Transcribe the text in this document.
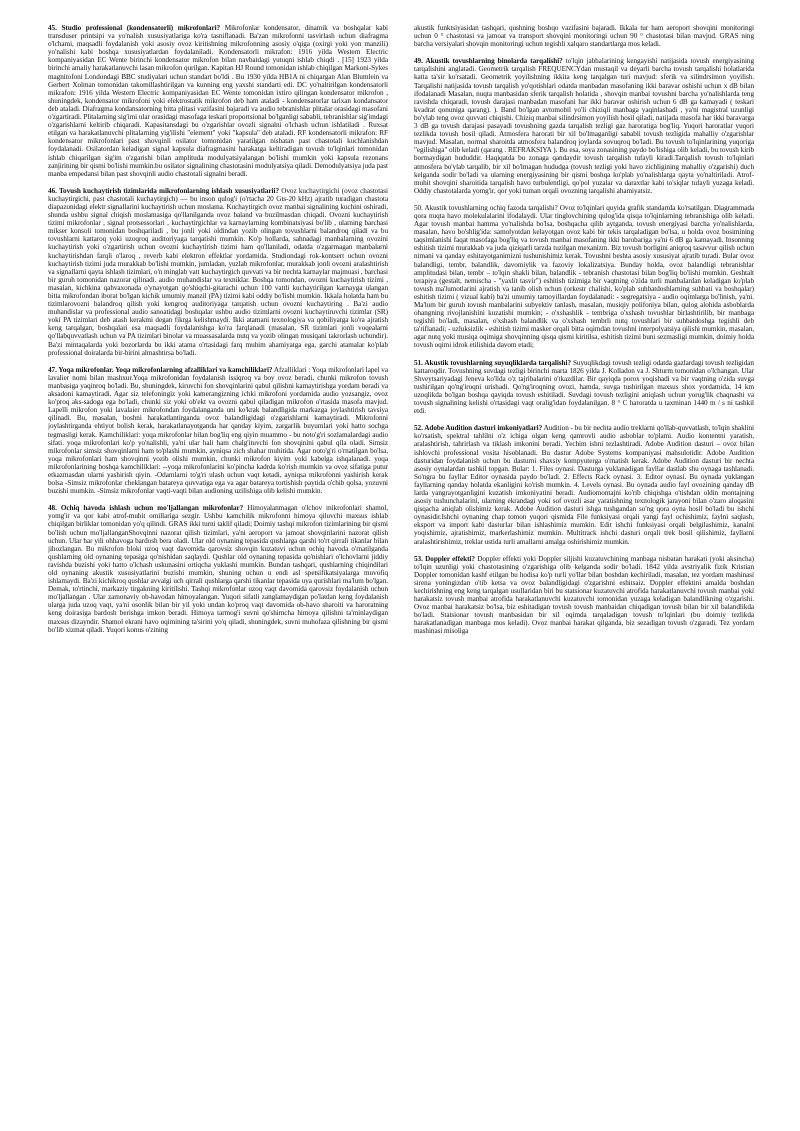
45. Studio professional (kondensatorli) mikrofonlari? Mikrofonlar kondensator, dinamik va boshqalar kabi transduser printsipi va yo'nalish xususiyatlariga ko'ra tasniflanadi. Ba'zan mikrofonni tasvirlash uchun diafragma o'lchami, maqsadli foydalanish yoki asosiy ovoz kiritishning mikrofonning asosiy o'qiga (oxirgi yoki yon manzili) yo'nalishi kabi boshqa xususiyatlardan foydalaniladi. Kondensatorli mikrafon: 1916 yilda Western Electric kompaniyasidan EC Wente birinchi kondensator mikrofon bilan navbatdagi yutuqni ishlab chiqdi . [15] 1923 yilda birinchi amaliy harakatlanuvchi lasan mikrofon qurilgan. Kapitan HJ Round tomonidan ishlab chiqilgan Markoni-Sykes magnitofoni Londondagi BBC studiyalari uchun standart bo'ldi . Bu 1930 yilda HB1A ni chiqargan Alan Blumlein va Gerbert Xolman tomonidan takomillashtirilgan va kunning eng yaxshi standarti edi. DC yo'naltirilgan kondensatorli mikrafon: 1916 yilda Western Electric kompaniyasidan EC Wente tomonidan ixtiro qilingan kondensator mikrofon , shuningdek, kondensator mikrofoni yoki elektrostatik mikrofon deb ham ataladi - kondensatorlar tarixan kondansator deb ataladi. Diafragma kondansatorning bitta plitasi vazifasini bajaradi va audio tebranishlar plitalar orasidagi masofani o'zgartiradi. Plitalarning sig'imi ular orasidagi masofaga teskari proportsional bo'lganligi sababli, tebranishlar sig'imdagi o'zgarishlarni keltirib chiqaradi. Kapasitansdagi bu o'zgarishlar ovozli signalni o'lchash uchun ishlatiladi . Ruxsat etilgan va harakatlanuvchi plitalarning yig'ilishi "element" yoki "kapsula" deb ataladi. RF kondensatorli mikrafon: RF kondensator mikrofonlari past shovqinli osilator tomonidan yaratilgan nisbatan past chastotali kuchlanishdan foydalanadi. Osilatordan keladigan signal kapsula diafragmasini harakatga keltiradigan tovush to'lqinlari tomonidan ishlab chiqarilgan sig'im o'zgarishi bilan amplituda modulyatsiyalangan bo'lishi mumkin yoki kapsula rezonans zanjirining bir qismi bo'lishi mumkin.bu osilator signalining chastotasini modulyatsiya qiladi. Demodulyatsiya juda past manba empedansi bilan past shovqinli audio chastotali signalni beradi.

46. Tovush kuchaytirish tizimlarida mikrofonlarning ishlash xususiyatlarii? Ovoz kuchaytirgichi (ovoz chastotasi kuchaytirgichi, past chastotali kuchaytirgich) — bu inson qulog'i (o'rtacha 20 Gts-20 kHz) ajratib turadigan chastota diapazonidagi elektr signallarini kuchaytirish uchun moslama. Kuchaytirgich ovoz manbai signalining kuchini oshiradi, shunda ushbu signal chiqish moslamasiga qo'llanilganda ovoz baland va buzilmasdan chiqadi. Ovozni kuchaytirish tizimi mikrofonlar , signal protsessorlari , kuchaytirgichlar va karnaylarning kombinatsiyasi bo'lib , ularning barchasi mikser konsoli tomonidan boshqariladi , bu jonli yoki oldindan yozib olingan tovushlarni balandroq qiladi va bu tovushlarni kattaroq yoki uzoqroq auditoriyaga tarqatishi mumkin. Ko'p hollarda, sahnadagi manbalarning ovozini kuchaytirish yoki o'zgartirish uchun ovozni kuchaytirish tizimi ham qo'llaniladi, odatda o'zgarmagan manbalarni kuchaytirishdan farqli o'laroq , reverb kabi elektron effektlar yordamida. Studiondagi rok-kontsert uchun ovozni kuchaytirish tizimi juda murakkab bo'lishi mumkin, jumladan, yuzlab mikrofonlar, murakkab jonli ovozni aralashtirish va signallarni qayta ishlash tizimlari, o'n minglab vatt kuchaytirgich quvvati va bir nechta karnaylar majmuasi , barchasi bir guruh tomonidan nazorat qilinadi. audio muhandislar va texniklar. Boshqa tomondan, ovozni kuchaytirish tizimi , masalan, kichkina qahvaxonada o'ynayotgan qo'shiqchi-gitarachi uchun 100 vattli kuchaytirilgan karnayga ulangan bitta mikrofondan iborat bo'lgan kichik umumiy manzil (PA) tizimi kabi oddiy bo'lishi mumkin. Ikkala holatda ham bu tizimlarovozni balandroq qilish yoki kengroq auditoriyaga tarqatish uchun ovozni kuchaytiring . Ba'zi audio muhandislar va professional audio sanoatidagi boshqalar ushbu audio tizimlarni ovozni kuchaytiruvchi tizimlar (SR) yoki PA tizimlari deb atash kerakmi degan fikrga kelishmaydi. Ikki atamani texnologiya va qobiliyatga ko'ra ajratish keng tarqalgan, boshqalari esa maqsadli foydalanishga ko'ra farqlanadi (masalan, SR tizimlari jonli voqealarni qo'llabquvvatlash uchun va PA tizimlari binolar va muassasalarda nutq va yozib olingan musiqani takrorlash uchundir). Ba'zi mintaqalarda yoki bozorlarda bu ikki atama o'rtasidagi farq muhim ahamiyatga ega, garchi atamalar ko'plab professional doiralarda bir-birini almashtirsa bo'ladi.

47. Yoqa mikrofonlar. Yoqa mikrofonlarning afzalliklari va kamchiliklari? Afzalliklari : Yoqa mikrofonlari lapel va lavalier nomi bilan mashxur.Yoqa mikrofonidan foydalanish issiqroq va boy ovoz beradi, chunki mikrofon tovush manbasiga yaqinroq bo'ladi. Bu, shuningdek, kiruvchi fon shovqinlarini qabul qilishni kamaytirishga yordam beradi va aksadoni kamaytiradi. Agar siz telefoningiz yoki kamerangizning ichki mikrofoni yordamida audio yozsangiz, ovoz ko'proq aks-sadoga ega bo'ladi, chunki siz yoki ob'ekt va ovozni qabul qiladigan mikrofon o'rtasida masofa mavjud. Lapelli mikrofon yoki lavalaier mikrofondan foydalanganda uni ko'krak balandligida markazga joylashtirish tavsiya qilinadi. Bu, masalan, boshni harakatlantirganda ovoz balandligidagi o'zgarishlarni kamaytiradi. Mikrofonni joylashtirganda ehtiyot bolish kerak, harakatlanayotganda har qanday kiyim, zargarlik buyumlari yoki hatto sochga tegmasligi kerak. Kamchiliklari: yoqa mikrofonlar bilan bog'liq eng qiyin muammo - bu noto'g'ri sozlamalardagi audio sifati. yoqa mikrofonlari ko'p yo'nalishli, ya'ni ular hali ham chalg'ituvchi fon shovqinini qabul qila oladi. Simsiz mikrofonlar simsiz shovqinlarni ham to'plashi mumkin, ayniqsa zich shahar muhitida. Agar noto'g'ri o'rnatilgan bo'lsa, yoqa mikrofonlari ham shovqinni yozib olishi mumkin, chunki mikrofon kiyim yoki kabelga ishqalanadi. yoqa mikrofonlarining boshqa kamchiliklari: --yoqa mikrofonlarini ko'pincha kadrda ko'rish mumkin va ovoz sifatiga putur etkazmasdan ularni yashirish qiyin. -Odamlarni to'g'ri ulash uchun vaqt ketadi, ayniqsa mikrofonni yashirish kerak bolsa -Simsiz mikrofonlar cheklangan batareya quvvatiga ega va agar batareya tortishish paytida o'chib qolsa, yozuvni buzishi mumkin. -Simsiz mikrofonlar vaqti-vaqti bilan audioning uzilishiga olib kelishi mumkin.

48. Ochiq havoda ishlash uchun mo'ljallangan mikrofonlar? Himoyalanmagan o'lchov mikrofonlari shamol, yomg'ir va qor kabi atrof-muhit omillariga sezgir. Ushbu kamchilik mikrofonni himoya qiluvchi maxsus ishlab chiqilgan birliklar tomonidan yo'q qilindi. GRAS ikki turni taklif qiladi; Doimiy tashqi mikrofon tizimlarining bir qismi bo'lish uchun mo'ljallanganShovqinni nazorat qilish tizimlari, ya'ni aeroport va jamoat shovqinlarini nazorat qilish uchun. Ular har yili ohhavoga bardosh bera oladi. Ular old oynaning tepasida qushlarga qarshi to'rt qirrali tikanlar bilan jihozlangan. Bu mikrofon bloki uzoq vaqt davomida qarovsiz shovqin kuzatuvi uchun ochiq havoda o'rnatilganda qushlarning old oynaning tepasiga qo'nishidan saqlaydi. Qushlar old oynaning tepasida qo'nishlari o'lchovlarni jiddiy ravishda buzishi yoki hatto o'lchash uskunasini ortiqcha yuklashi mumkin. Bundan tashqari, qushlarning chiqindilari old oynaning akustik xususiyatlarini buzishi mumkin, shuning uchun u endi asl spetsifikatsiyalarga muvofiq ishlamaydi. Ba'zi kichikroq qushlar avvalgi uch qirrali qushlarga qarshi tikanlar tepasida uya qurishlari ma'lum bo'lgan. Demak, to'rtinchi, markaziy tirgakning kiritilishi. Tashqi mikrofonlar uzoq vaqt davomida qarovsiz foydalanish uchun mo'ljallangan . Ular zamonaviy ob-havodan himoyalangan. Yuqori sifatli zanglamaydigan po'latdan keng foydalanish ularga juda uzoq vaqt, ya'ni osonlik bilan bir yil yoki undan ko'proq vaqt davomida ob-havo sharoiti va haroratning keng doirasiga bardosh berishga imkon beradi. Himoya tarmog'i suvni qo'shimcha himoya qilishni ta'minlaydigan maxsus dizayndir. Shamol ekrani havo oqimining ta'sirini yo'q qiladi, shuningdek, suvni muhofaza qilishning bir qismi bo'lib xizmat qiladi. Yuqori konus o'zining

akustik funktsiyasidan tashqari, qushning boshqo vazifasini bajaradi. Ikkala tur ham aeroport shovqini monitoringi uchun 0 ° chastotasi va jamoat va transport shovqini monitoringi uchun 90 ° chastotasi bilan mavjud. GRAS ning barcha versiyalari shovqin monitoringi uchun tegishli xalqaro standartlarga mos keladi.

49. Akustik tovushlarning binolarda tarqalishi? to'lqin jabhalarining kengayishi natijasida tovush energiyasining tarqalishini anglatadi. Geometrik tarqalish FREQUENCYdan mustaqil va deyarli barcha tovush tarqalishi holatlarida katta ta'sir ko'rsatadi. Geometrik yoyilishning ikkita keng tarqalgan turi mavjud: sferik va silindrsimon yoyilish. Tarqalishi natijasida tovush tarqalish yo'qotishlari odatda manbadan masofaning ikki baravar oshishi uchun x dB bilan ifodalanadi Masalan, nuqta manbasidan sferik tarqalish holatida , shovqin manbai tovushni barcha yo'nalishlarda teng ravishda chiqaradi, tovush darajasi manbadan masofani har ikki baravar oshirish uchun 6 dB ga kamayadi ( teskari kvadrat qonuniga qarang). ). Band bo'lgan avtomobil yo'li chiziqli manbaga yaqinlashadi , ya'ni magistral uzunligi bo'ylab teng ovoz quvvati chiqishi. Chiziq manbai silindrsimon yoyilish hosil qiladi, natijada masofa har ikki baravarga 3 dB ga tovush darajasi pasayadi tovushning gazda tarqalish tezligi gaz haroratiga bog'liq. Yuqori haroratlar yuqori tezlikda tovush hosil qiladi. Atmosfera harorati bir xil bo'lmaganligi sababli tovush tezligida mahalliy o'zgarishlar mavjud. Masalan, normal sharoitda atmosfera balandroq joylarda sovuqroq bo'ladi. Bu tovush to'lqinlarining yuqoriga "egilishiga" olib keladi (qarang . REFRAKSIYA ). Bu esa, soya zonasining paydo bo'lishiga olib keladi, bu tovush kirib bormaydigan hududdir. Haqiqatda bu zonaga qandaydir tovush tarqalish tufayli kiradi.Tarqalish tovush to'lqinlari atmosfera bo'ylab tarqalib, bir xil bo'lmagan hududga (tovush tezligi yoki havo zichligining mahalliy o'zgarishi) duch kelganda sodir bo'ladi va ularning energiyasining bir qismi boshqa ko'plab yo'nalishlarga qayta yo'naltiriladi. Atrof-muhit shovqini sharoitida tarqalish havo turbulentligi, qo'pol yuzalar va daraxtlar kabi to'siqlar tufayli yuzaga keladi. Oddiy chastotalarda yomg'ir, qor yoki tuman orqali ovozning tarqalishi ahamiyatsiz.

50. Akustik tovushlarning ochiq fazoda tarqalishi? Ovoz to'lqinlari quyida grafik standartda ko'rsatilgan. Diagrammada qora nuqta havo molekulalarini ifodalaydi. Ular tinglovchining qulog'ida qisqa to'lqinlarning tebranishiga olib keladi. Agar tovush manbai hamma yo'nalishda bo'lsa, boshqacha qilib aytganda, tovush energiyasi barcha yo'nalishlarda, masalan, havo bo'shlig'ida: samolyotdan kelayotgan ovoz kabi bir tekis tarqaladigan bo'lsa, u holda ovoz bosimining taqsimlanishi faqat masofaga bog'liq va tovush manbai masofaning ikki barobariga ya'ni 6 dB ga kamayadi. Insonning eshitish tizimi murakkab va juda qiziqarli tarzda tuzilgan mexanizm. Biz tovush borligini aniqroq tasavvur qilish uchun nimani va qanday eshitayotganimizni tushunishimiz kerak. Tovushni beshta asosiy xususiyat ajratib turadi. Bular ovoz balandligi, tembr, balandlik, davomiylik va fazoviy lokalizatsiya. Bunday holda, ovoz balandligi tebranishlar amplitudasi bilan, tembr – to'lqin shakli bilan, balandlik - tebranish chastotasi bilan bog'liq bo'lishi mumkin. Geshtalt terapiya (gestalt, nemischa - "yaxlit tasvir") eshitish tizimiga bir vaqtning o'zida turli manbalardan keladigan ko'plab tovush ma'lumotlarini ajratish va tanib olish uchun (orkestr chalishi, ko'plab suhbatdoshlarning suhbati va boshqalar) eshitish tizimi ( vizual kabi) ba'zi umumiy tamoyillardan foydalanadi: - segregatsiya - audio oqimlarga bo'linish, ya'ni. Ma'lum bir guruh tovush manbalarini subyektiv tanlash, masalan, musiqiy polifoniya bilan, qulog alohida asboblarda ohangning rivojlanishini kuzatishi mumkin; - o'xshashlik - tembriga o'xshash tovushlar birlashtirilib, bir manbaga tegishli bo'ladi, masalan, o'xshash balandlik va o'xshash tembrli nutq tovushlari bir suhbatdoshga tegishli deb ta'riflanadi; - uzluksizlik - eshitish tizimi masker orqali bitta oqimdan tovushni interpolyatsiya qilishi mumkin, masalan, agar nutq yoki musiqa oqimiga shovqinning qisqa qismi kiritilsa, eshitish tizimi buni sezmasligi mumkin, doimiy holda tovush oqimi idrok etilishida davom etadi;

51. Akustik tovushlarning suyuqliklarda tarqalishi? Suyuqlikdagi tovush tezligi odatda gazlardagi tovush tezligidan kattaroqdir. Tovushning suvdagi tezligi birinchi marta 1826 yilda J. Kolladon va J. Shturm tomonidan o'lchangan. Ular Shveytsariyadagi Jeneva ko'lida o'z tajribalarini o'tkazdilar. Bir qayiqda porox yoqishadi va bir vaqtning o'zida suvga tushirilgan qo'ng'iroqni urishadi. Qo'ng'iroqning ovozi, hamda, suvga tushirilgan maxsus shox yordamida, 14 km uzoqlikda bo'lgan boshqa qayiqda tovush eshitiladi. Suvdagi tovush tezligini aniqlash uchun yorug'lik chaqnashi va tovush signalining kelishi o'rtasidagi vaqt oralig'idan foydalanilgan. 8 ° C haroratda u taxminan 1440 m / s ni tashkil etdi.

52. Adobe Audition dasturi imkoniyatlari? Audition - bu bir nechta audio treklarni qo'llab-quvvatlash, to'lqin shaklini ko'rsatish, spektral tahlilni o'z ichiga olgan keng qamrovli audio asboblar to'plami. Audio kontentni yaratish, aralashtirish, tahrirlash va tiklash imkonini beradi. Yechim ishni tezlashtiradi. Adobe Audition dasturi – ovoz bilan ishlovchi professional vosita hisoblanadi. Bu dastur Adobe Systems kompaniyasi mahsulotidir. Adobe Audition dasturidan foydalanish uchun bu dasturni shaxsiy kompyuterga o'rnatish kerak. Adobe Audition dasturi bir nechta asosiy oynalardan tashkil topgan. Bular: 1. Files oynasi. Dasturga yuklanadigan fayllar dastlab shu oynaga tashlanadi. So'ngra bu fayllar Editor oynasida paydo bo'ladi. 2. Effects Rack oynasi. 3. Editor oynasi. Bu oynada yuklangan fayllarning qanday holatda ekanligini ko'rish mumkin. 4. Levels oynasi. Bu oynada audio fayl ovozining qanday dB larda yangrayotganligini kuzatish imkoniyatini beradi. Audiomontajni ko'rib chiqishga o'tishdan oldin montajning asosiy tushunchalarini, ularning ekrandagi yoki sof ovozli asar yaratishning texnologik jarayoni bilan o'zaro aloqasini qisqacha aniqlab olishimiz kerak. Adobe Audition dasturi ishga tushgandan so'ng qora oyna hosil bo'ladi bu ishchi oynasidir.Ishchi oynaning chap tomon yuqori qismida File funksiyasi orqali yangi fayl ochishimiz, faylni saqlash, eksport va import kabi dasturlar bilan ishlashimiz mumkin. Edit ishchi funksiyasi orqali belgilashimiz, kanalni yoqishimiz, ajratishimiz, markerlashimiz mumkin. Multitrack ishchi dasturi orqali trek bosil qilishimiz, fayllarni aralashtirishimiz, treklar ustida turli amallarni amalga oshirishimiz mumkin.

53. Doppler effekti? Doppler effekti yoki Doppler siljishi kuzatuvchining manbaga nisbatan harakati (yoki aksincha) to'lqin uzunligi yoki chastotasining o'zgarishiga olib kelganda sodir bo'ladi. 1842 yilda avstriyalik fizik Kristian Doppler tomonidan kashf etilgan bu hodisa ko'p turli yo'llar bilan boshdan kechiriladi, masalan, tez yordam mashinasi sirena yoningizdan o'tib ketsa va ovoz balandligidagi o'zgarishni eshitsaiz. Doppler effektini amalda boshdan kechirishning eng keng tarqalgan usullaridan biri bu statsionar kuzatuvchi atrofida harakatlanuvchi tovush manbai yoki harakatsiz tovush manbai atrofida harakatlanuvchi kuzatuvchi tomonidan yuzaga keladigan balandlikning o'zgarishi. Ovoz manbai harakatsiz bo'lsa, biz eshitadigan tovush tovush manbaidan chiqadigan tovush bilan bir xil balandlikda bo'ladi. Statsionar tovush manbasidan bir xil oqimda tarqaladigan tovush to'lqinlari (bu doimiy tezlikda harakatlanadigan manbaga mos keladi). Ovoz manbai harakat qilganda, biz sezadigan tovush o'zgaradi. Tez yordam mashinasi misoliga
